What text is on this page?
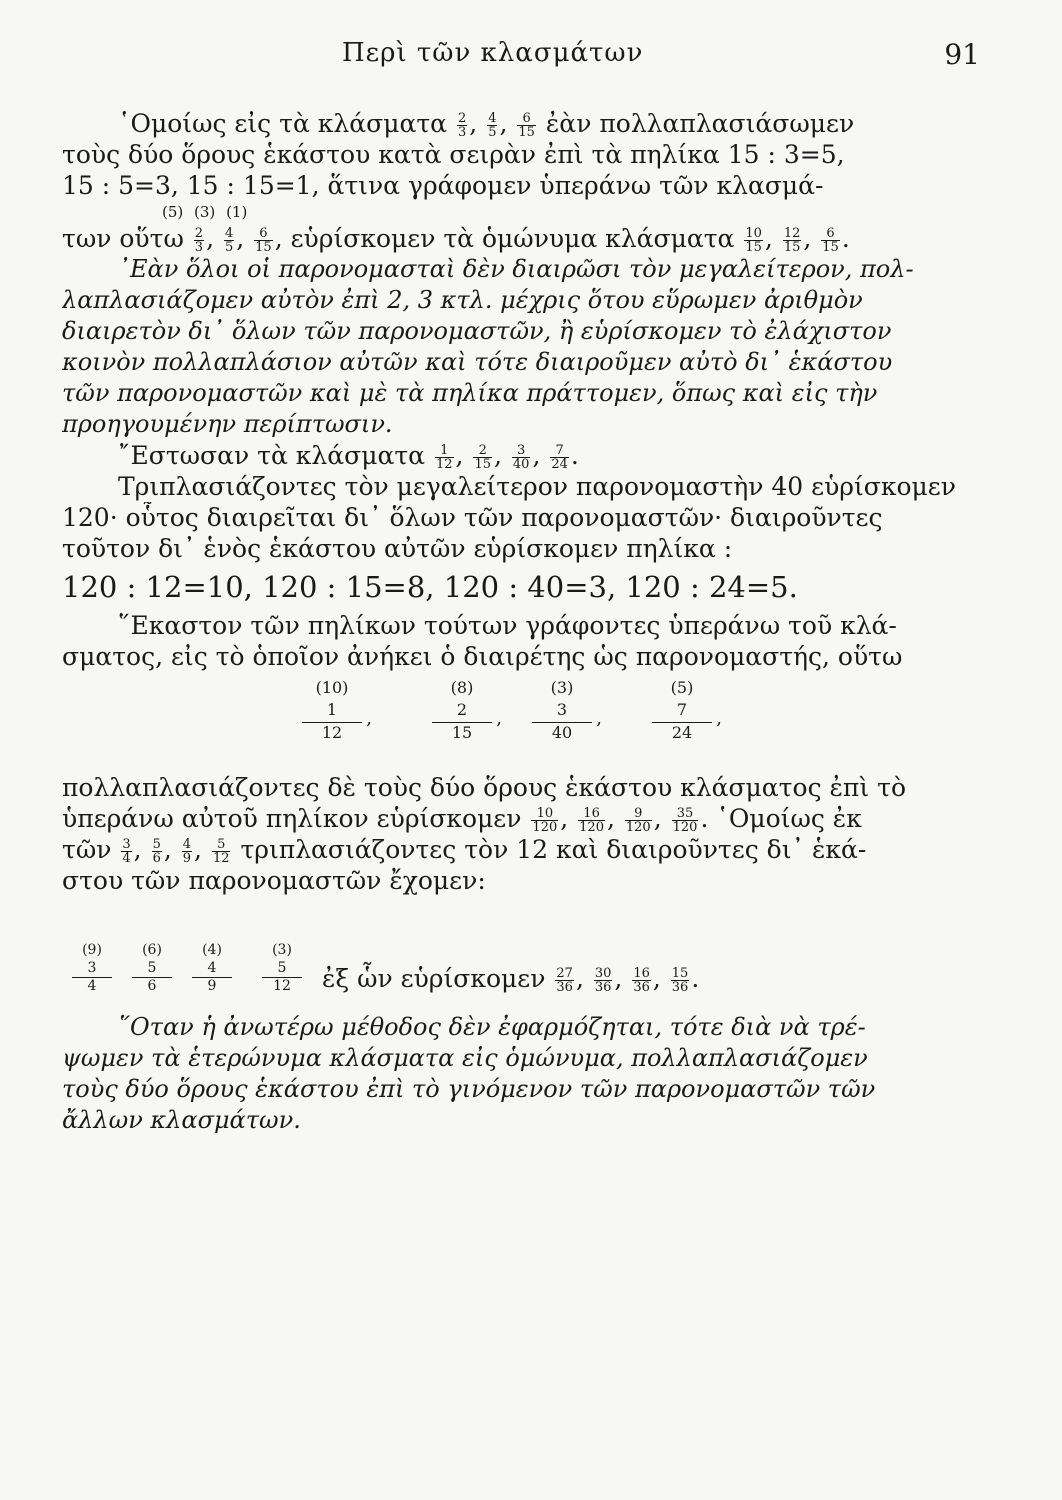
Περὶ τῶν κλασμάτων	91
῾Ομοίως εἰς τὰ κλάσματα $\frac{2}{3}$ , $\frac{4}{5}$ , $\frac{6}{15}$ ἐὰν πολλαπλασιάσωμεν
τοὺς δύο ὅρους ἑκάστου κατὰ σειρὰν ἐπὶ τὰ πηλίκα 15 : 3=5,
15 : 5=3, 15 : 15=1, ἅτινα γράφομεν ὑπεράνω τῶν κλασμά-
(5) (3) (1)
των οὕτω $\frac{2}{3}$ , $\frac{4}{5}$ , $\frac{6}{15}$ , εὑρίσκομεν τὰ ὁμώνυμα κλάσματα $\frac{10}{15}$ , $\frac{12}{15}$ , $\frac{6}{15}$ .
᾽Εὰν ὅλοι οἱ παρονομασταὶ δὲν διαιρῶσι τὸν μεγαλείτερον, πολ-
λαπλασιάζομεν αὐτὸν ἐπὶ 2, 3 κτλ. μέχρις ὅτου εὕρωμεν ἀριθμὸν
διαιρετὸν δι᾽ ὅλων τῶν παρονομαστῶν, ἢ εὑρίσκομεν τὸ ἐλάχιστον
κοινὸν πολλαπλάσιον αὐτῶν καὶ τότε διαιροῦμεν αὐτὸ δι᾽ ἑκάστου
τῶν παρονομαστῶν καὶ μὲ τὰ πηλίκα πράττομεν, ὅπως καὶ εἰς τὴν
προηγουμένην περίπτωσιν.
῎Εστωσαν τὰ κλάσματα $\frac{1}{12}$ , $\frac{2}{15}$ , $\frac{3}{40}$ , $\frac{7}{24}$ .
Τριπλασιάζοντες τὸν μεγαλείτερον παρονομαστὴν 40 εὑρίσκομεν
120· οὗτος διαιρεῖται δι᾽ ὅλων τῶν παρονομαστῶν· διαιροῦντες
τοῦτον δι᾽ ἑνὸς ἑκάστου αὐτῶν εὑρίσκομεν πηλίκα :
120 : 12=10, 120 : 15=8, 120 : 40=3, 120 : 24=5.
῞Εκαστον τῶν πηλίκων τούτων γράφοντες ὑπεράνω τοῦ κλά-
σματος, εἰς τὸ ὁποῖον ἀνήκει ὁ διαιρέτης ὡς παρονομαστής, οὕτω
(10)
1
12
,
(8)
2
15
,
(3)
3
40
,
(5)
7
24
,
πολλαπλασιάζοντες δὲ τοὺς δύο ὅρους ἑκάστου κλάσματος ἐπὶ τὸ
ὑπεράνω αὐτοῦ πηλίκον εὑρίσκομεν $\frac{10}{120}$ , $\frac{16}{120}$ , $\frac{9}{120}$ , $\frac{35}{120}$ . ῾Ομοίως ἐκ
τῶν $\frac{3}{4}$ , $\frac{5}{6}$ , $\frac{4}{9}$ , $\frac{5}{12}$ τριπλασιάζοντες τὸν 12 καὶ διαιροῦντες δι᾽ ἑκά-
στου τῶν παρονομαστῶν ἔχομεν:

(9)
3
4
(6)
5
6
(4)
4
9
(3)
5
12	ἐξ ὧν εὑρίσκομεν $\frac{27}{36}$ , $\frac{30}{36}$ , $\frac{16}{36}$ , $\frac{15}{36}$ .
῞Οταν ἡ ἀνωτέρω μέθοδος δὲν ἐφαρμόζηται, τότε διὰ νὰ τρέ-
ψωμεν τὰ ἑτερώνυμα κλάσματα εἰς ὁμώνυμα, πολλαπλασιάζομεν
τοὺς δύο ὅρους ἑκάστου ἐπὶ τὸ γινόμενον τῶν παρονομαστῶν τῶν
ἄλλων κλασμάτων.
